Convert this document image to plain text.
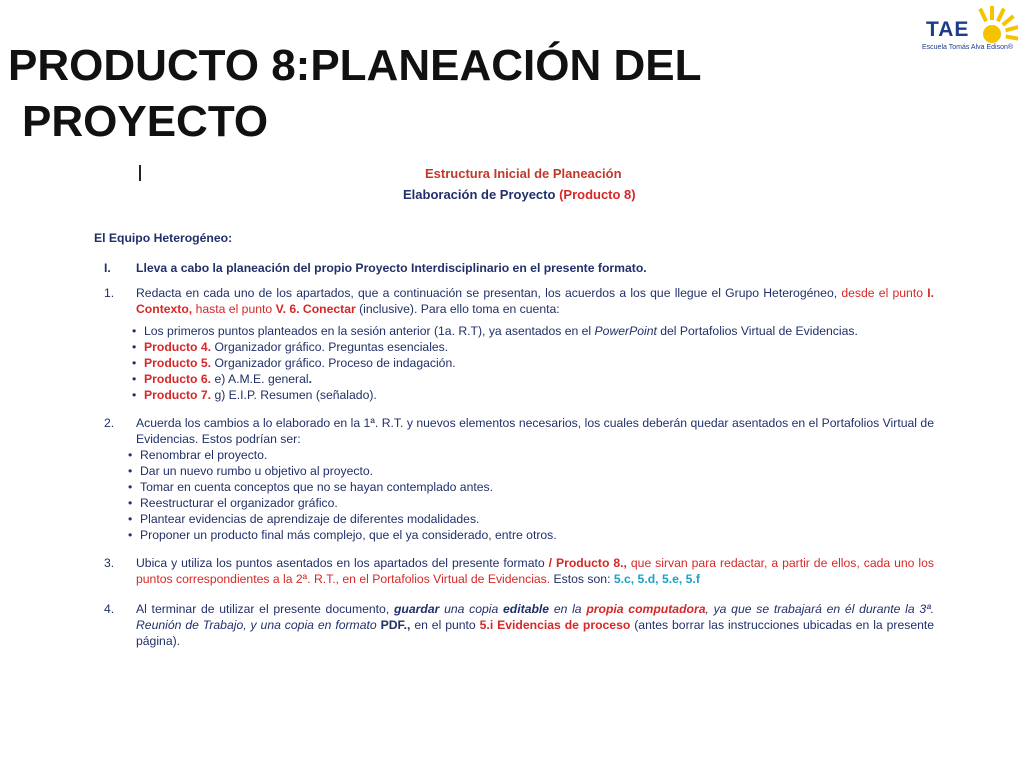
PRODUCTO 8:PLANEACIÓN DEL
PROYECTO
TAE
Escuela Tomás Alva Edison®
Estructura Inicial de Planeación
Elaboración de Proyecto (Producto 8)
El Equipo Heterogéneo:
I.	Lleva a cabo la planeación del propio Proyecto Interdisciplinario en el presente formato.
1.	Redacta en cada uno de los apartados, que a continuación se presentan, los acuerdos a los que llegue el Grupo Heterogéneo, desde el punto I. Contexto, hasta el punto V. 6. Conectar (inclusive). Para ello toma en cuenta:
• Los primeros puntos planteados en la sesión anterior (1a. R.T), ya asentados en el PowerPoint del Portafolios Virtual de Evidencias.
• Producto 4. Organizador gráfico. Preguntas esenciales.
• Producto 5. Organizador gráfico. Proceso de indagación.
• Producto 6. e) A.M.E. general.
• Producto 7. g) E.I.P. Resumen (señalado).
2.	Acuerda los cambios a lo elaborado en la 1ª. R.T. y nuevos elementos necesarios, los cuales deberán quedar asentados en el Portafolios Virtual de Evidencias. Estos podrían ser:
• Renombrar el proyecto.
• Dar un nuevo rumbo u objetivo al proyecto.
• Tomar en cuenta conceptos que no se hayan contemplado antes.
• Reestructurar el organizador gráfico.
• Plantear evidencias de aprendizaje de diferentes modalidades.
• Proponer un producto final más complejo, que el ya considerado, entre otros.
3.	Ubica y utiliza los puntos asentados en los apartados del presente formato / Producto 8., que sirvan para redactar, a partir de ellos, cada uno los puntos correspondientes a la 2ª. R.T., en el Portafolios Virtual de Evidencias. Estos son: 5.c, 5.d, 5.e, 5.f
4.	Al terminar de utilizar el presente documento, guardar una copia editable en la propia computadora, ya que se trabajará en él durante la 3ª. Reunión de Trabajo, y una copia en formato PDF., en el punto 5.i Evidencias de proceso (antes borrar las instrucciones ubicadas en la presente página).
